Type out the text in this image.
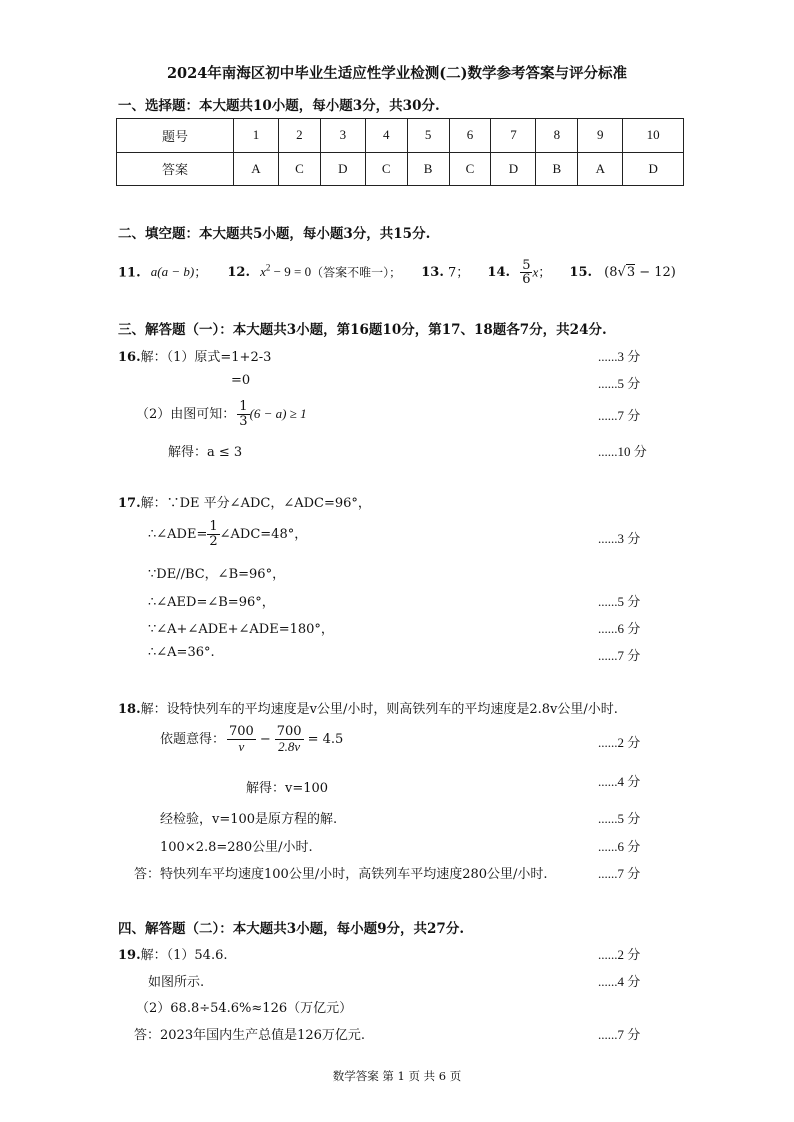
2024年南海区初中毕业生适应性学业检测(二)数学参考答案与评分标准
一、选择题：本大题共10小题，每小题3分，共30分.
题号	1	2	3	4	5	6	7	8	9	10
答案	A	C	D	C	B	C	D	B	A	D
二、填空题：本大题共5小题，每小题3分，共15分.
11. a(a − b)； 12. $x^2 - 9 = 0$（答案不唯一）； 13. 7； 14. $\frac{5}{6}$ x； 15. (8√3 − 12)
三、解答题（一）：本大题共3小题，第16题10分，第17、18题各7分，共24分.
16.解：（1）原式=1+2-3	......3 分
=0	......5 分
（2）由图可知： $\frac{1}{3} (6 - a) \ge 1$	......7 分
解得：a ≤ 3	......10 分
17.解：∵DE 平分∠ADC，∠ADC=96°，
∴∠ADE= $\frac{1}{2}$ ∠ADC=48°，	......3 分
∵DE//BC，∠B=96°，
∴∠AED=∠B=96°，	......5 分
∵∠A+∠ADE+∠ADE=180°，	......6 分
∴∠A=36°.	......7 分
18.解：设特快列车的平均速度是v公里/小时，则高铁列车的平均速度是2.8v公里/小时.
依题意得： $\frac{700}{v} - \frac{700}{2.8v} = 4.5$	......2 分
解得：v=100	......4 分
经检验，v=100是原方程的解.	......5 分
100×2.8=280公里/小时.	......6 分
答：特快列车平均速度100公里/小时，高铁列车平均速度280公里/小时.	......7 分
四、解答题（二）：本大题共3小题，每小题9分，共27分.
19.解：（1）54.6.	......2 分
如图所示.	......4 分
（2）68.8÷54.6%≈126（万亿元）
答：2023年国内生产总值是126万亿元.	......7 分
数学答案 第 1 页 共 6 页
